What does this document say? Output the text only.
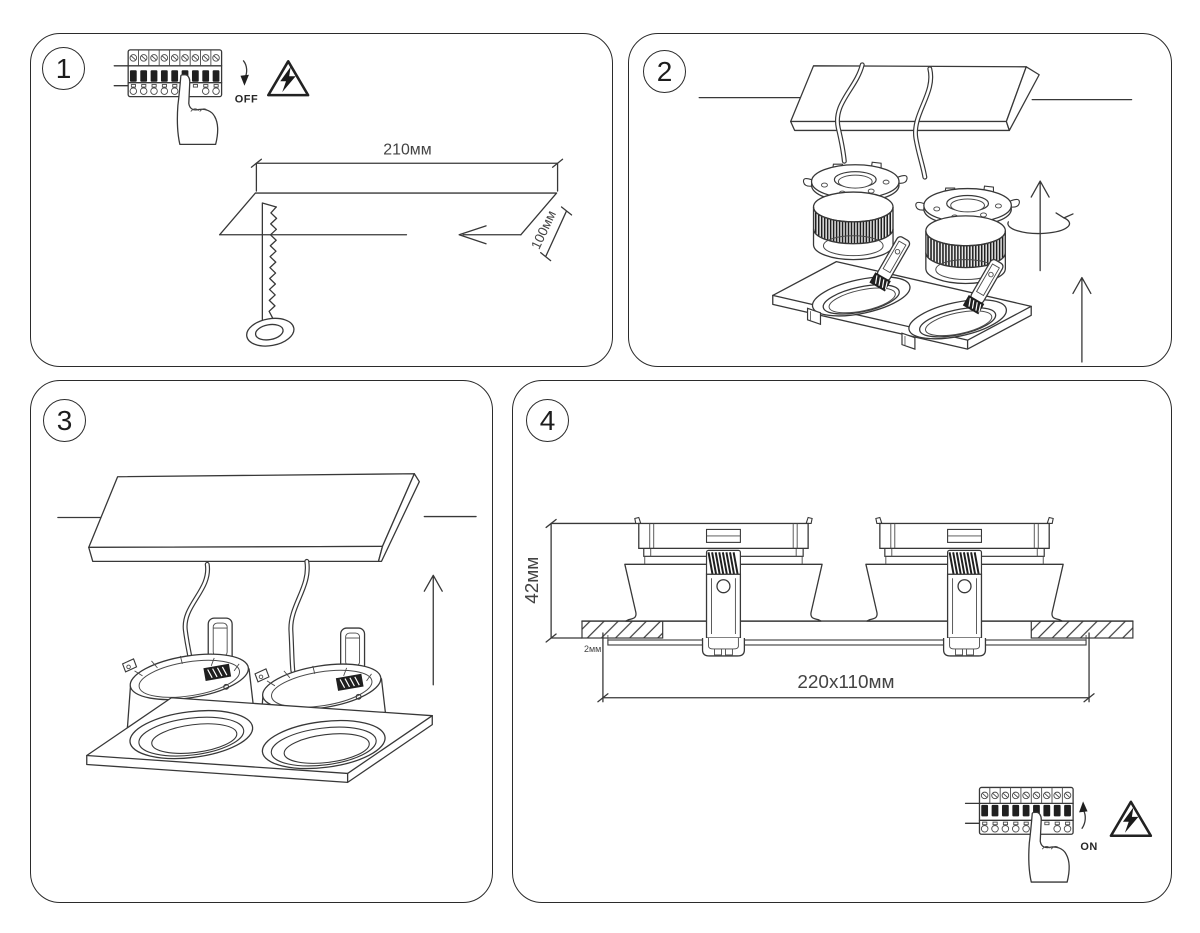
1
OFF
210мм
100мм
2
3	4
42мм
2мм
220x110мм
ON
